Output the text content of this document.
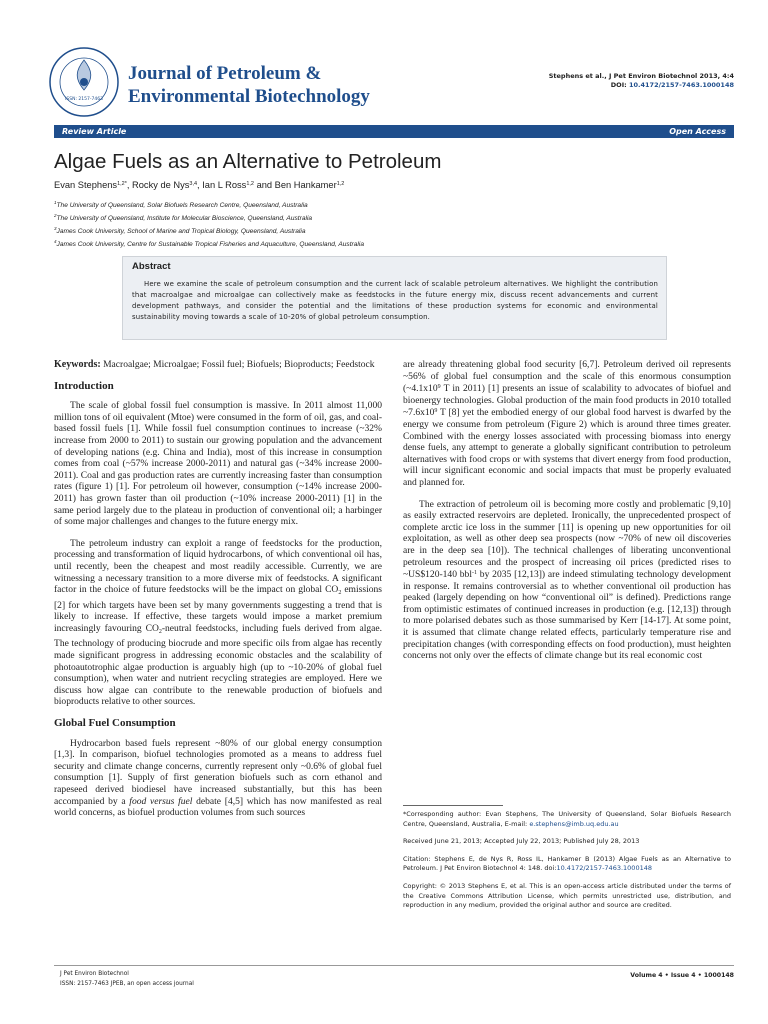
ISSN: 2157-7463
Journal of Petroleum &
Environmental Biotechnology
Stephens et al., J Pet Environ Biotechnol 2013, 4:4
DOI: 10.4172/2157-7463.1000148
Review Article	Open Access
Algae Fuels as an Alternative to Petroleum
Evan Stephens$^{1,2*}$, Rocky de Nys$^{3,4}$, Ian L Ross$^{1,2}$ and Ben Hankamer$^{1,2}$
$^1$The University of Queensland, Solar Biofuels Research Centre, Queensland, Australia
$^2$The University of Queensland, Institute for Molecular Bioscience, Queensland, Australia
$^3$James Cook University, School of Marine and Tropical Biology, Queensland, Australia
$^4$James Cook University, Centre for Sustainable Tropical Fisheries and Aquaculture, Queensland, Australia
Abstract
Here we examine the scale of petroleum consumption and the current lack of scalable petroleum alternatives. We highlight the contribution that macroalgae and microalgae can collectively make as feedstocks in the future energy mix, discuss recent advancements and current development pathways, and consider the potential and the limitations of these production systems for economic and environmental sustainability moving towards a scale of 10-20% of global petroleum consumption.

Keywords: Macroalgae; Microalgae; Fossil fuel; Biofuels; Bioproducts; Feedstock

Introduction

The scale of global fossil fuel consumption is massive. In 2011 almost 11,000 million tons of oil equivalent (Mtoe) were consumed in the form of oil, gas, and coal-based fossil fuels [1]. While fossil fuel consumption continues to increase (~32% increase from 2000 to 2011) to sustain our growing population and the advancement of developing nations (e.g. China and India), most of this increase in consumption comes from coal (~57% increase 2000-2011) and natural gas (~34% increase 2000-2011). Coal and gas production rates are currently increasing faster than consumption rates (figure 1) [1]. For petroleum oil however, consumption (~14% increase 2000-2011) has grown faster than oil production (~10% increase 2000-2011) [1] in the same period largely due to the plateau in production of conventional oil; a harbinger of some major challenges and changes to the future energy mix.

The petroleum industry can exploit a range of feedstocks for the production, processing and transformation of liquid hydrocarbons, of which conventional oil has, until recently, been the cheapest and most readily accessible. Currently, we are witnessing a necessary transition to a more diverse mix of feedstocks. A significant factor in the choice of future feedstocks will be the impact on global $CO_2$ emissions [2] for which targets have been set by many governments suggesting a trend that is likely to increase. If effective, these targets would impose a market premium increasingly favouring $CO_2$-neutral feedstocks, including fuels derived from algae. The technology of producing biocrude and more specific oils from algae has recently made significant progress in addressing economic obstacles and the scalability of photoautotrophic algae production is arguably high (up to ~10-20% of global fuel consumption), when water and nutrient recycling strategies are employed. Here we discuss how algae can contribute to the renewable production of biofuels and bioproducts relative to other sources.

Global Fuel Consumption

Hydrocarbon based fuels represent ~80% of our global energy consumption [1,3]. In comparison, biofuel technologies promoted as a means to address fuel security and climate change concerns, currently represent only ~0.6% of global fuel consumption [1]. Supply of first generation biofuels such as corn ethanol and rapeseed derived biodiesel have increased substantially, but this has been accompanied by a food versus fuel debate [4,5] which has now manifested as real world concerns, as biofuel production volumes from such sources

are already threatening global food security [6,7]. Petroleum derived oil represents ~56% of global fuel consumption and the scale of this enormous consumption ($\sim 4.1x10^9$ T in 2011) [1] presents an issue of scalability to advocates of biofuel and bioenergy technologies. Global production of the main food products in 2010 totalled $\sim 7.6x10^9$ T [8] yet the embodied energy of our global food harvest is dwarfed by the energy we consume from petroleum (Figure 2) which is around three times greater. Combined with the energy losses associated with processing biomass into energy dense fuels, any attempt to generate a globally significant contribution to petroleum alternatives with food crops or with systems that divert energy from food production, will incur significant economic and social impacts that must be properly evaluated and planned for.

The extraction of petroleum oil is becoming more costly and problematic [9,10] as easily extracted reservoirs are depleted. Ironically, the unprecedented prospect of complete arctic ice loss in the summer [11] is opening up new opportunities for oil exploitation, as well as other deep sea prospects (now ~70% of new oil discoveries are in the deep sea [10]). The technical challenges of liberating unconventional petroleum resources and the prospect of increasing oil prices (predicted rises to ~US$120-140 bbl$^{-1}$ by 2035 [12,13]) are indeed stimulating technology development in response. It remains controversial as to whether conventional oil production has peaked (largely depending on how “conventional oil” is defined). Predictions range from optimistic estimates of continued increases in production (e.g. [12,13]) through to more polarised debates such as those summarised by Kerr [14-17]. At some point, it is assumed that climate change related effects, particularly temperature rise and precipitation changes (with corresponding effects on food production), must heighten concerns not only over the effects of climate change but its real economic cost

*Corresponding author: Evan Stephens, The University of Queensland, Solar Biofuels Research Centre, Queensland, Australia, E-mail: e.stephens@imb.uq.edu.au
Received June 21, 2013; Accepted July 22, 2013; Published July 28, 2013
Citation: Stephens E, de Nys R, Ross IL, Hankamer B (2013) Algae Fuels as an Alternative to Petroleum. J Pet Environ Biotechnol 4: 148. doi:10.4172/2157-7463.1000148
Copyright: © 2013 Stephens E, et al. This is an open-access article distributed under the terms of the Creative Commons Attribution License, which permits unrestricted use, distribution, and reproduction in any medium, provided the original author and source are credited.
J Pet Environ Biotechnol
ISSN: 2157-7463 JPEB, an open access journal
Volume 4 • Issue 4 • 1000148
